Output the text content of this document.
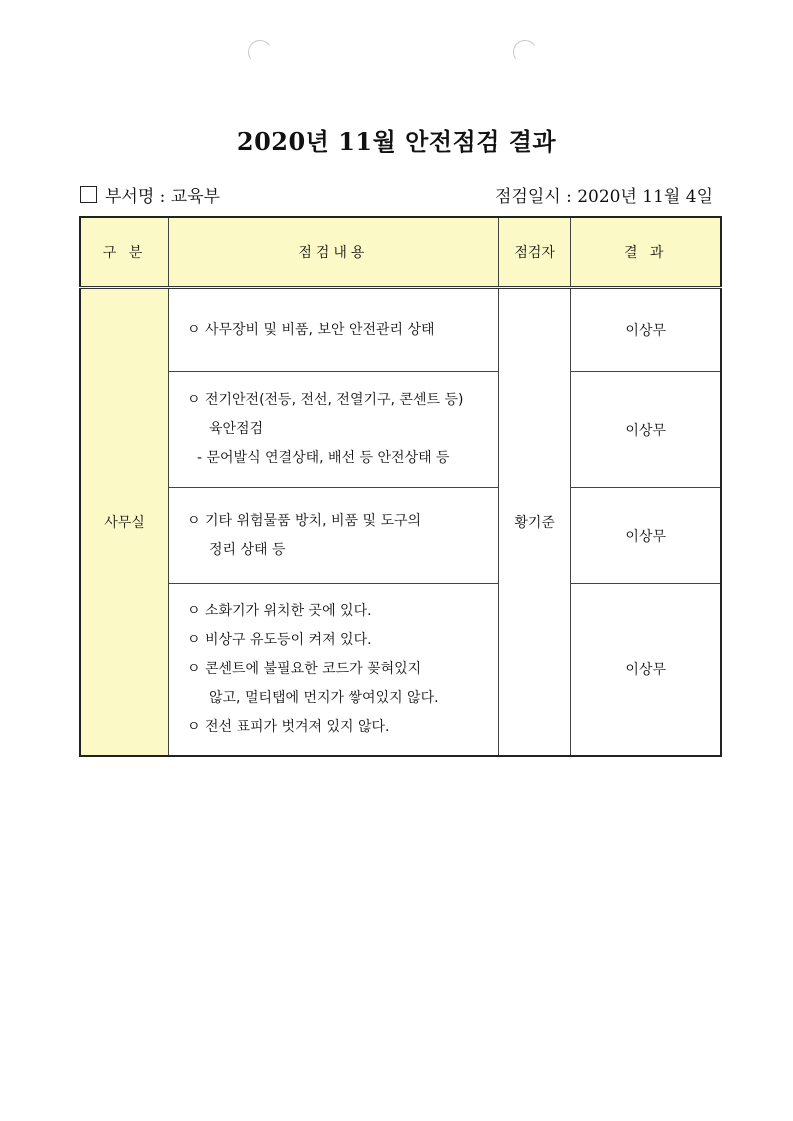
2020년 11월 안전점검 결과
부서명 : 교육부	점검일시 : 2020년 11월 4일
구 분	점검내용	점검자	결 과
사무실	ㅇ 사무장비 및 비품, 보안 안전관리 상태	황기준	이상무

	ㅇ 전기안전(전등, 전선, 전열기구, 콘센트 등)
육안점검
- 문어발식 연결상태, 배선 등 안전상태 등		이상무

	ㅇ 기타 위험물품 방치, 비품 및 도구의
정리 상태 등		이상무

	ㅇ 소화기가 위치한 곳에 있다.
ㅇ 비상구 유도등이 켜져 있다.
ㅇ 콘센트에 불필요한 코드가 꽂혀있지
않고, 멀티탭에 먼지가 쌓여있지 않다.
ㅇ 전선 표피가 벗겨져 있지 않다.		이상무
